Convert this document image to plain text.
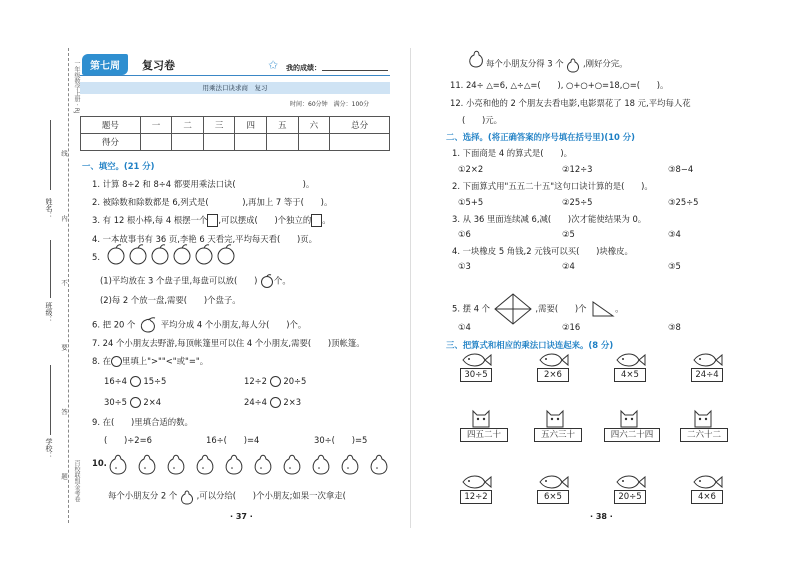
姓名：
班级：
学校： 线 内 不 要 答 题
一年级数学上册 · RJ
百校联盟金考卷
第七周	复习卷	✩ 我的成绩：
用乘法口诀求商　复习
时间：60分钟　满分：100分
题号	一	二	三	四	五	六	总分
得分							
一、填空。(21 分)
1. 计算 8÷2 和 8÷4 都要用乘法口诀(　　　　　　　　)。
2. 被除数和除数都是 6,列式是(　　　　),再加上 7 等于(　　)。
3. 有 12 根小棒,每 4 根摆一个 ,可以摆成(　　)个独立的 。
4. 一本故事书有 36 页,李艳 6 天看完,平均每天看(　　)页。
5.
(1)平均放在 3 个盘子里,每盘可以放(　　) 个。
(2)每 2 个放一盘,需要(　　)个盘子。
6. 把 20 个	平均分成 4 个小朋友,每人分(　　)个。
7. 24 个小朋友去野游,每顶帐篷里可以住 4 个小朋友,需要(　　)顶帐篷。
8. 在 里填上">""<"或"="。
16÷4 15÷5	12÷2 20÷5
30÷5 2×4	24÷4 2×3
9. 在(　　)里填合适的数。
(　　)÷2=6	16÷(　　)=4	30÷(　　)=5
10.
每个小朋友分 2 个 ,可以分给(　　)个小朋友;如果一次拿走(　　
· 37 ·
每个小朋友分得 3 个 ,刚好分完。
11. 24÷ △=6, △÷△=(　　), ○+○+○=18,○=(　　)。
12. 小亮和他的 2 个朋友去看电影,电影票花了 18 元,平均每人花
(　　)元。
二、选择。(将正确答案的序号填在括号里)(10 分)
1. 下面商是 4 的算式是(　　)。
①2×2	②12÷3	③8−4
2. 下面算式用"五五二十五"这句口诀计算的是(　　)。
①5+5	②25÷5	③25÷5
3. 从 36 里面连续减 6,减(　　)次才能使结果为 0。
①6	②5	③4
4. 一块橡皮 5 角钱,2 元钱可以买(　　)块橡皮。
①3	②4	③5
5. 摆 4 个	,需要(　　)个	。
①4	②16	③8
三、把算式和相应的乘法口诀连起来。(8 分)
30÷5	2×6	4×5	24÷4
四五二十	五六三十	四六二十四	二六十二
12÷2	6×5	20÷5	4×6
· 38 ·
